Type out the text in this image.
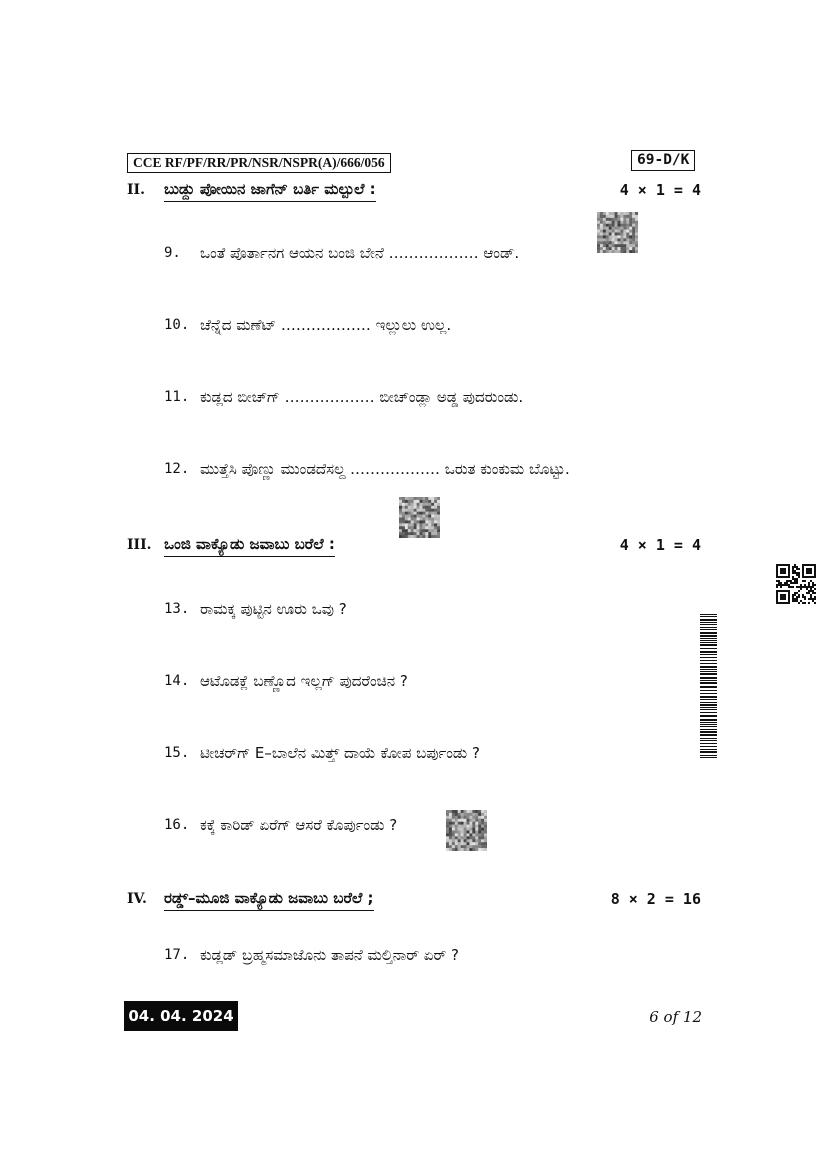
CCE RF/PF/RR/PR/NSR/NSPR(A)/666/056	69-D/K
II. ಬುಡ್ದು ಪೋಯಿನ ಜಾಗೆನ್ ಬರ್ತಿ ಮಲ್ಪುಲೆ :	4 × 1 = 4
9.	ಒಂತೆ ಪೊರ್ತಾನಗ ಆಯನ ಬಂಜಿ ಬೇನೆ ……………… ಆಂಡ್.
10. ಚೆನ್ನೆದ ಮಣೆಟ್ ……………… ಇಲ್ಲುಲು ಉಲ್ಲ.
11. ಕುಡ್ಲದ ಬೀಚ್‌ಗ್ ……………… ಬೀಚ್‌ಂಡ್ಲಾ ಅಡ್ಡ ಪುದರುಂಡು.
12. ಮುತ್ತೆಸಿ ಪೊಣ್ಣು ಮುಂಡದೆಸಲ್ದ ……………… ಒರುತ ಕುಂಕುಮ ಬೊಟ್ಟು.
III. ಒಂಜಿ ವಾಕ್ಯೊಡು ಜವಾಬು ಬರೆಲೆ :	4 × 1 = 4
13. ರಾಮಕ್ಕ ಪುಟ್ಟಿನ ಊರು ಒವು ?
14. ಆಟೊಡಕ್ಲೆ ಬಣ್ಣೊದ ಇಲ್ಲಗ್ ಪುದರೆಂಚಿನ ?
15. ಟೀಚರ್‌ಗ್ E–ಬಾಲೆನ ಮಿತ್ತ್ ದಾಯೆ ಕೋಪ ಬರ್ಪುಂಡು ?
16. ಕಕ್ಕೆ ಕಾರಿಡ್ ಏರೆಗ್ ಆಸರೆ ಕೊರ್ಪುಂಡು ?
IV. ರಡ್ಡ್–ಮೂಜಿ ವಾಕ್ಯೊಡು ಜವಾಬು ಬರೆಲೆ ;	8 × 2 = 16
17. ಕುಡ್ಲಡ್ ಬ್ರಹ್ಮಸಮಾಜೊನು ತಾಪನೆ ಮಲ್ತಿನಾರ್ ಏರ್ ?
04. 04. 2024	6 of 12
